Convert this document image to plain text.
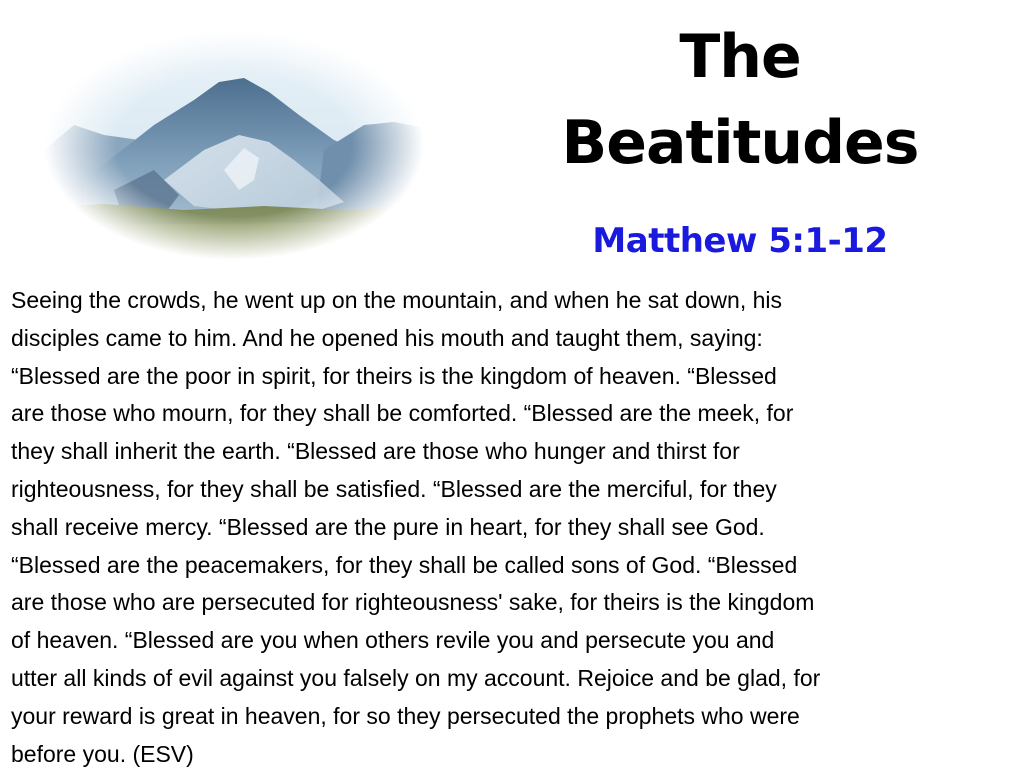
The
Beatitudes
Matthew 5:1-12

Seeing the crowds, he went up on the mountain, and when he sat down, his
disciples came to him. And he opened his mouth and taught them, saying:
“Blessed are the poor in spirit, for theirs is the kingdom of heaven. “Blessed
are those who mourn, for they shall be comforted. “Blessed are the meek, for
they shall inherit the earth. “Blessed are those who hunger and thirst for
righteousness, for they shall be satisfied. “Blessed are the merciful, for they
shall receive mercy. “Blessed are the pure in heart, for they shall see God.
“Blessed are the peacemakers, for they shall be called sons of God. “Blessed
are those who are persecuted for righteousness' sake, for theirs is the kingdom
of heaven. “Blessed are you when others revile you and persecute you and
utter all kinds of evil against you falsely on my account. Rejoice and be glad, for
your reward is great in heaven, for so they persecuted the prophets who were
before you. (ESV)
